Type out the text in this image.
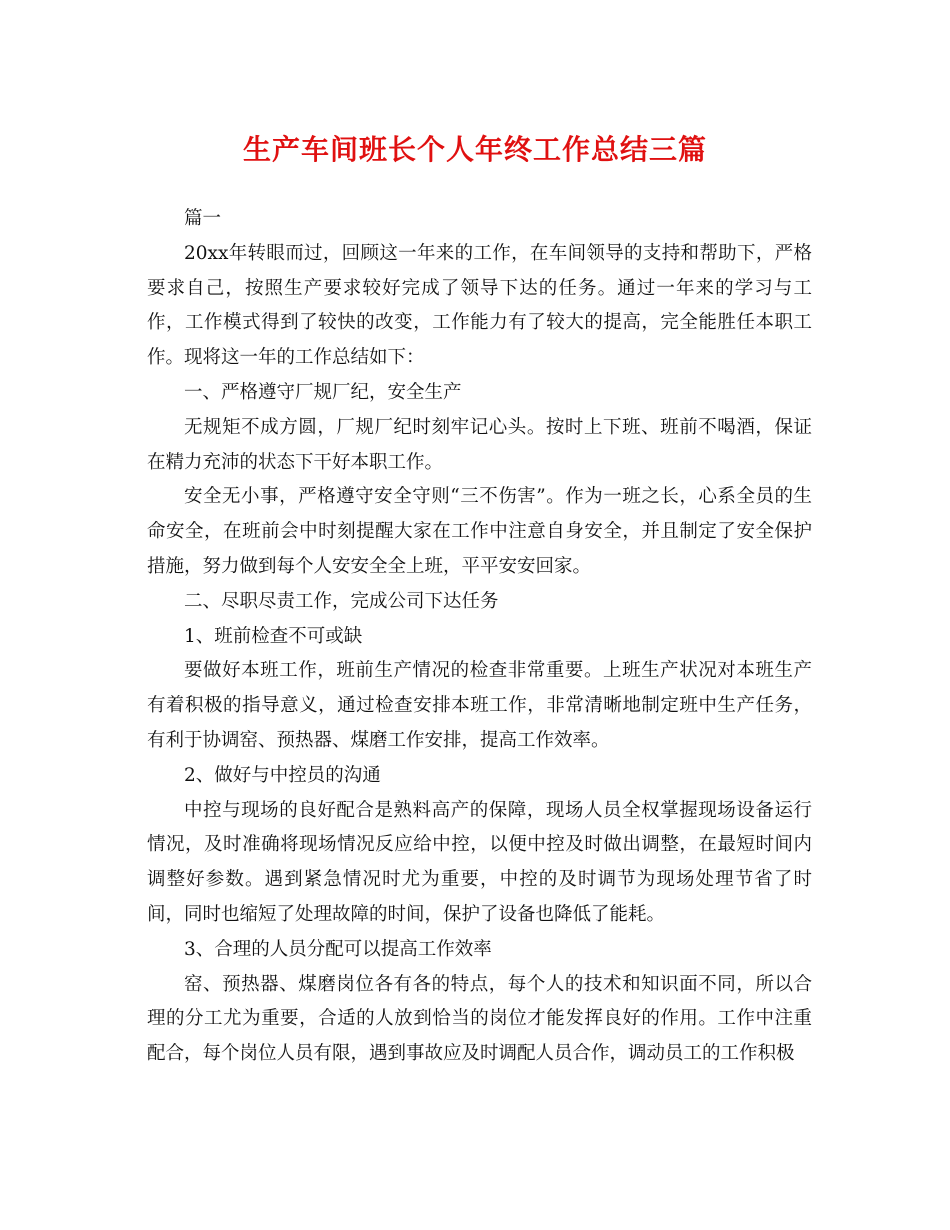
生产车间班长个人年终工作总结三篇

篇一

20xx年转眼而过，回顾这一年来的工作，在车间领导的支持和帮助下，严格要求自己，按照生产要求较好完成了领导下达的任务。通过一年来的学习与工作，工作模式得到了较快的改变，工作能力有了较大的提高，完全能胜任本职工作。现将这一年的工作总结如下：

一、严格遵守厂规厂纪，安全生产

无规矩不成方圆，厂规厂纪时刻牢记心头。按时上下班、班前不喝酒，保证在精力充沛的状态下干好本职工作。

安全无小事，严格遵守安全守则“三不伤害”。作为一班之长，心系全员的生命安全，在班前会中时刻提醒大家在工作中注意自身安全，并且制定了安全保护措施，努力做到每个人安安全全上班，平平安安回家。

二、尽职尽责工作，完成公司下达任务

1、班前检查不可或缺

要做好本班工作，班前生产情况的检查非常重要。上班生产状况对本班生产有着积极的指导意义，通过检查安排本班工作，非常清晰地制定班中生产任务，有利于协调窑、预热器、煤磨工作安排，提高工作效率。

2、做好与中控员的沟通

中控与现场的良好配合是熟料高产的保障，现场人员全权掌握现场设备运行情况，及时准确将现场情况反应给中控，以便中控及时做出调整，在最短时间内调整好参数。遇到紧急情况时尤为重要，中控的及时调节为现场处理节省了时间，同时也缩短了处理故障的时间，保护了设备也降低了能耗。

3、合理的人员分配可以提高工作效率

窑、预热器、煤磨岗位各有各的特点，每个人的技术和知识面不同，所以合理的分工尤为重要，合适的人放到恰当的岗位才能发挥良好的作用。工作中注重配合，每个岗位人员有限，遇到事故应及时调配人员合作，调动员工的工作积极
